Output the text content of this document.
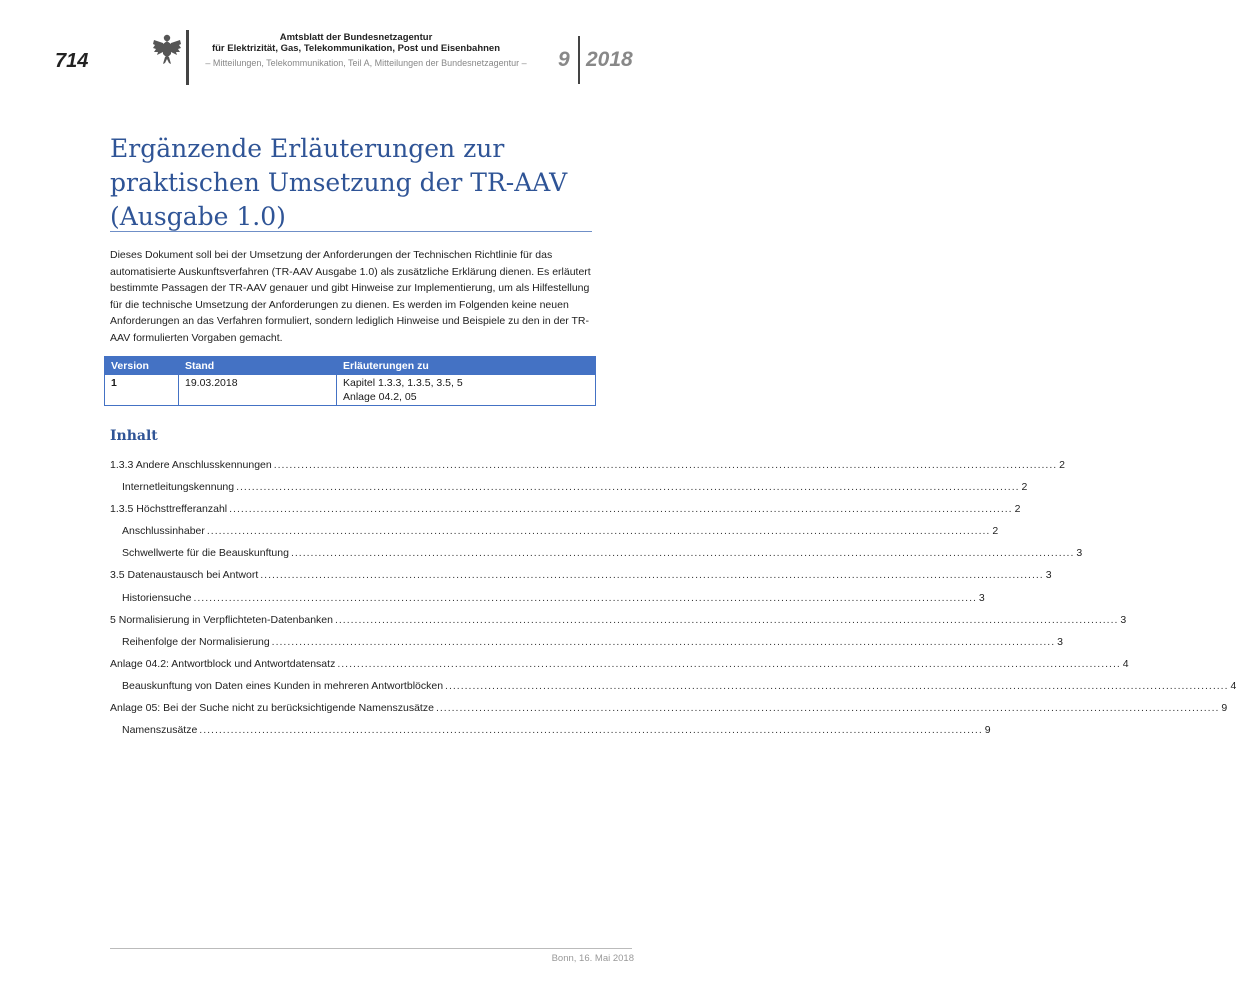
714
Amtsblatt der Bundesnetzagentur
für Elektrizität, Gas, Telekommunikation, Post und Eisenbahnen
– Mitteilungen, Telekommunikation, Teil A, Mitteilungen der Bundesnetzagentur –	9 2018
Ergänzende Erläuterungen zur
praktischen Umsetzung der TR-AAV
(Ausgabe 1.0)

Dieses Dokument soll bei der Umsetzung der Anforderungen der Technischen Richtlinie für das automatisierte Auskunftsverfahren (TR-AAV Ausgabe 1.0) als zusätzliche Erklärung dienen. Es erläutert bestimmte Passagen der TR-AAV genauer und gibt Hinweise zur Implementierung, um als Hilfestellung für die technische Umsetzung der Anforderungen zu dienen. Es werden im Folgenden keine neuen Anforderungen an das Verfahren formuliert, sondern lediglich Hinweise und Beispiele zu den in der TR-AAV formulierten Vorgaben gemacht.

Version	Stand	Erläuterungen zu
1	19.03.2018	Kapitel 1.3.3, 1.3.5, 3.5, 5
Anlage 04.2, 05
Inhalt
1.3.3 Andere Anschlusskennungen ........................................................................................................................................................................................................ 2
Internetleitungskennung ........................................................................................................................................................................................................ 2
1.3.5 Höchsttrefferanzahl ........................................................................................................................................................................................................ 2
Anschlussinhaber ........................................................................................................................................................................................................ 2
Schwellwerte für die Beauskunftung ........................................................................................................................................................................................................ 3
3.5 Datenaustausch bei Antwort ........................................................................................................................................................................................................ 3
Historiensuche ........................................................................................................................................................................................................ 3
5 Normalisierung in Verpflichteten-Datenbanken ........................................................................................................................................................................................................ 3
Reihenfolge der Normalisierung ........................................................................................................................................................................................................ 3
Anlage 04.2: Antwortblock und Antwortdatensatz ........................................................................................................................................................................................................ 4
Beauskunftung von Daten eines Kunden in mehreren Antwortblöcken ........................................................................................................................................................................................................ 4
Anlage 05: Bei der Suche nicht zu berücksichtigende Namenszusätze ........................................................................................................................................................................................................ 9
Namenszusätze ........................................................................................................................................................................................................ 9
Bonn, 16. Mai 2018
